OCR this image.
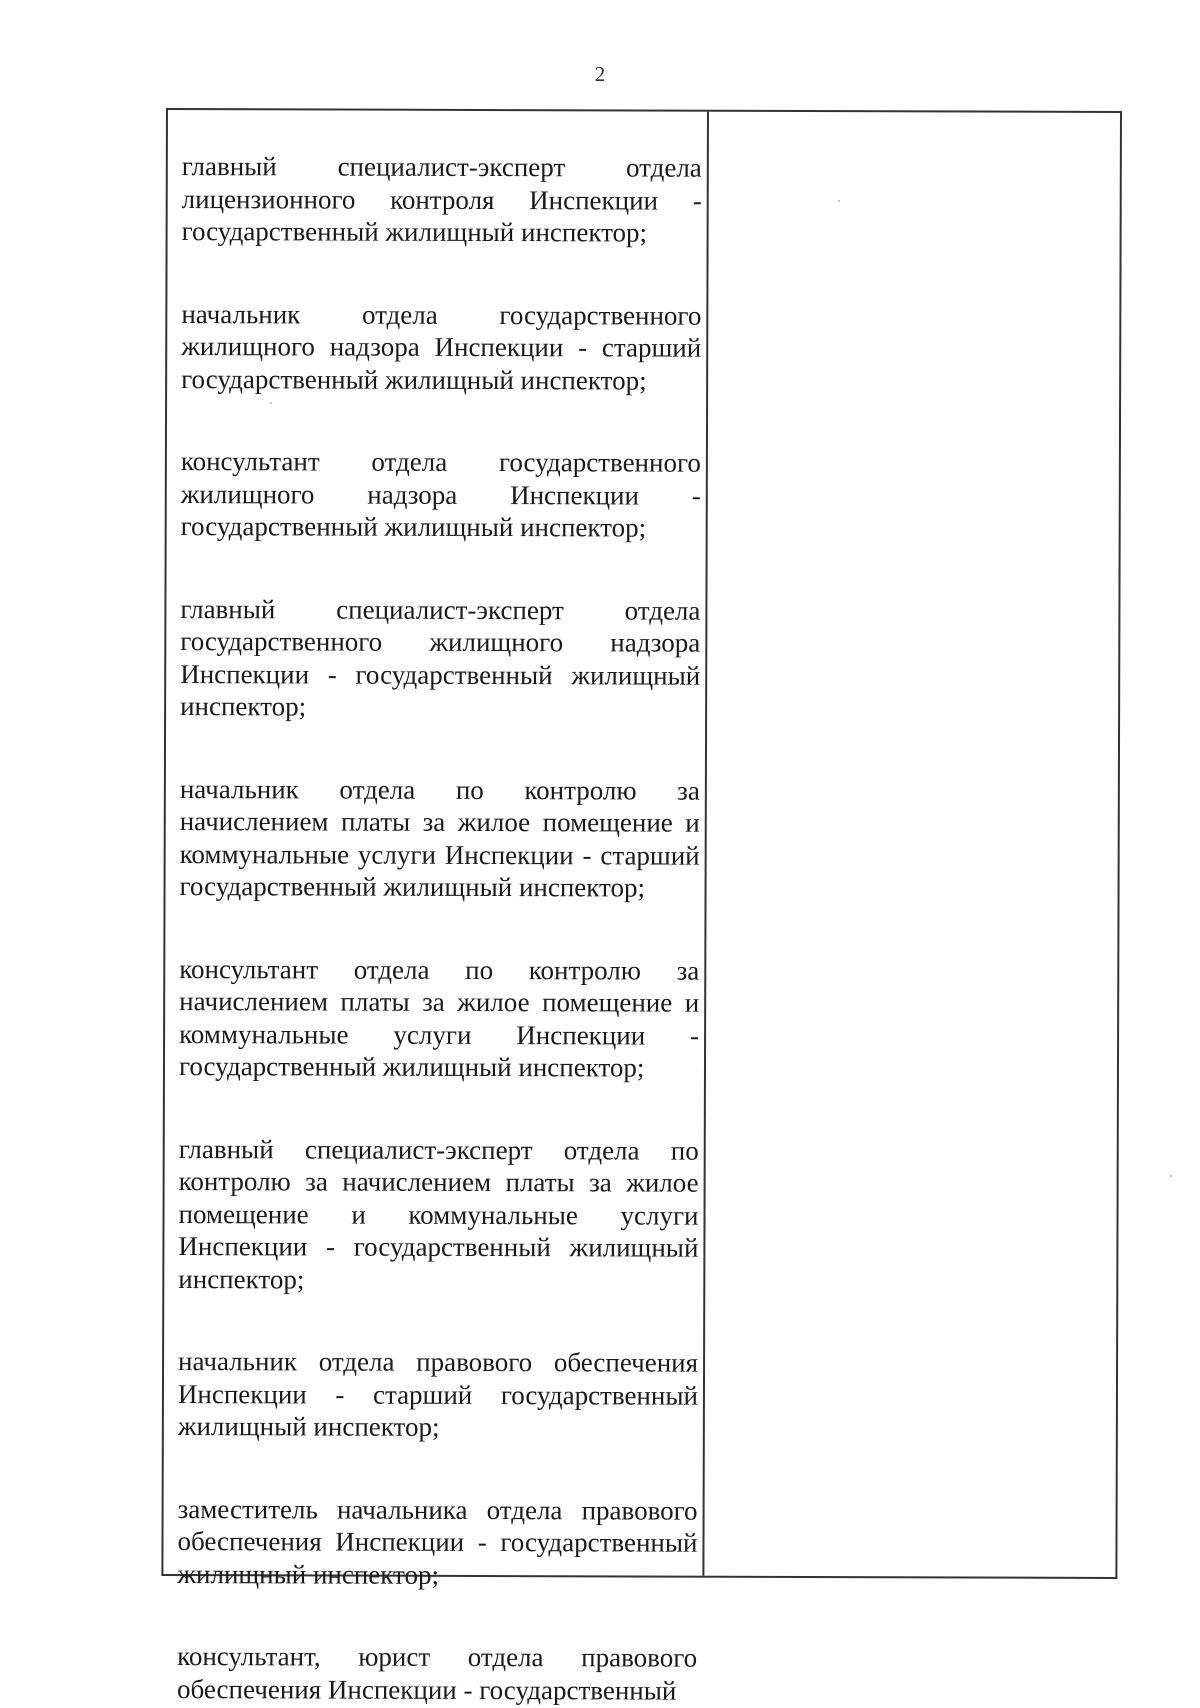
2

главный специалист-эксперт отдела лицензионного контроля Инспекции - государственный жилищный инспектор;

начальник отдела государственного жилищного надзора Инспекции - старший государственный жилищный инспектор;

консультант отдела государственного жилищного надзора Инспекции - государственный жилищный инспектор;

главный специалист-эксперт отдела государственного жилищного надзора Инспекции - государственный жилищный инспектор;

начальник отдела по контролю за начислением платы за жилое помещение и коммунальные услуги Инспекции - старший государственный жилищный инспектор;

консультант отдела по контролю за начислением платы за жилое помещение и коммунальные услуги Инспекции - государственный жилищный инспектор;

главный специалист-эксперт отдела по контролю за начислением платы за жилое помещение и коммунальные услуги Инспекции - государственный жилищный инспектор;

начальник отдела правового обеспечения Инспекции - старший государственный жилищный инспектор;

заместитель начальника отдела правового обеспечения Инспекции - государственный жилищный инспектор;

консультант, юрист отдела правового обеспечения Инспекции - государственный
